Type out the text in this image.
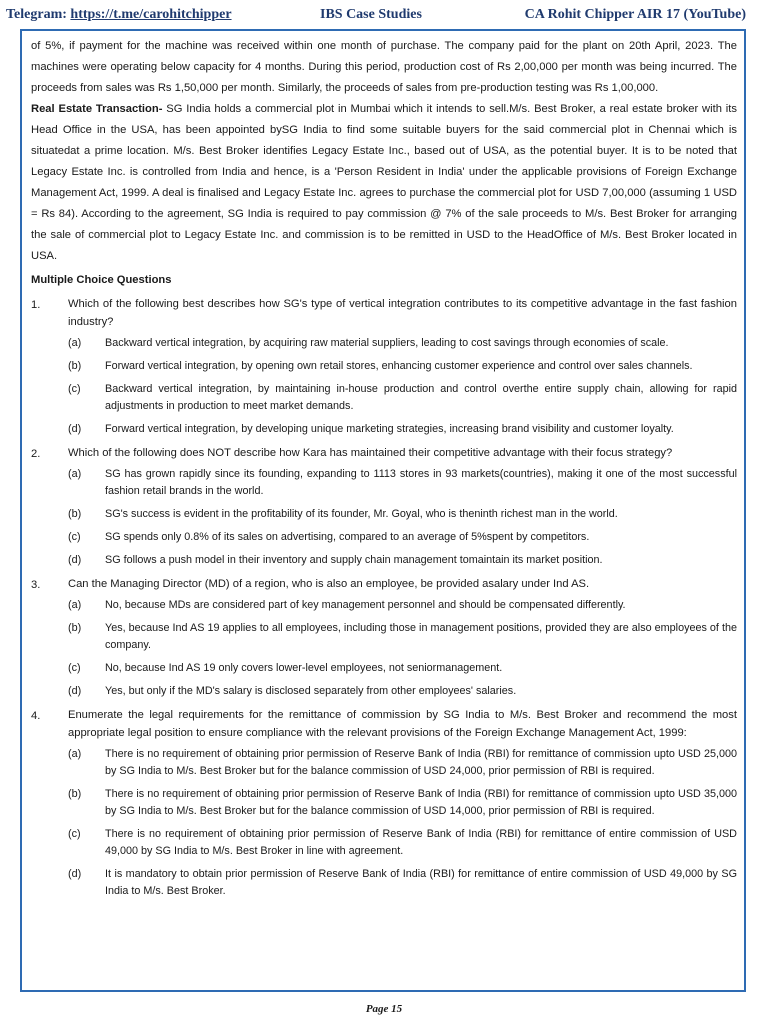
Telegram: https://t.me/carohitchipper	IBS Case Studies	CA Rohit Chipper AIR 17 (YouTube)

of 5%, if payment for the machine was received within one month of purchase. The company paid for the plant on 20th April, 2023. The machines were operating below capacity for 4 months. During this period, production cost of Rs 2,00,000 per month was being incurred. The proceeds from sales was Rs 1,50,000 per month. Similarly, the proceeds of sales from pre-production testing was Rs 1,00,000.

Real Estate Transaction- SG India holds a commercial plot in Mumbai which it intends to sell.M/s. Best Broker, a real estate broker with its Head Office in the USA, has been appointed bySG India to find some suitable buyers for the said commercial plot in Chennai which is situatedat a prime location. M/s. Best Broker identifies Legacy Estate Inc., based out of USA, as the potential buyer. It is to be noted that Legacy Estate Inc. is controlled from India and hence, is a 'Person Resident in India' under the applicable provisions of Foreign Exchange Management Act, 1999. A deal is finalised and Legacy Estate Inc. agrees to purchase the commercial plot for USD 7,00,000 (assuming 1 USD = Rs 84). According to the agreement, SG India is required to pay commission @ 7% of the sale proceeds to M/s. Best Broker for arranging the sale of commercial plot to Legacy Estate Inc. and commission is to be remitted in USD to the HeadOffice of M/s. Best Broker located in USA.

Multiple Choice Questions

1.	Which of the following best describes how SG's type of vertical integration contributes to its competitive advantage in the fast fashion industry?
(a)	Backward vertical integration, by acquiring raw material suppliers, leading to cost savings through economies of scale.
(b)	Forward vertical integration, by opening own retail stores, enhancing customer experience and control over sales channels.
(c)	Backward vertical integration, by maintaining in-house production and control overthe entire supply chain, allowing for rapid adjustments in production to meet market demands.
(d)	Forward vertical integration, by developing unique marketing strategies, increasing brand visibility and customer loyalty.
2.	Which of the following does NOT describe how Kara has maintained their competitive advantage with their focus strategy?
(a)	SG has grown rapidly since its founding, expanding to 1113 stores in 93 markets(countries), making it one of the most successful fashion retail brands in the world.
(b)	SG's success is evident in the profitability of its founder, Mr. Goyal, who is theninth richest man in the world.
(c)	SG spends only 0.8% of its sales on advertising, compared to an average of 5%spent by competitors.
(d)	SG follows a push model in their inventory and supply chain management tomaintain its market position.
3.	Can the Managing Director (MD) of a region, who is also an employee, be provided asalary under Ind AS.
(a)	No, because MDs are considered part of key management personnel and should be compensated differently.
(b)	Yes, because Ind AS 19 applies to all employees, including those in management positions, provided they are also employees of the company.
(c)	No, because Ind AS 19 only covers lower-level employees, not seniormanagement.
(d)	Yes, but only if the MD's salary is disclosed separately from other employees' salaries.
4.	Enumerate the legal requirements for the remittance of commission by SG India to M/s. Best Broker and recommend the most appropriate legal position to ensure compliance with the relevant provisions of the Foreign Exchange Management Act, 1999:
(a)	There is no requirement of obtaining prior permission of Reserve Bank of India (RBI) for remittance of commission upto USD 25,000 by SG India to M/s. Best Broker but for the balance commission of USD 24,000, prior permission of RBI is required.
(b)	There is no requirement of obtaining prior permission of Reserve Bank of India (RBI) for remittance of commission upto USD 35,000 by SG India to M/s. Best Broker but for the balance commission of USD 14,000, prior permission of RBI is required.
(c)	There is no requirement of obtaining prior permission of Reserve Bank of India (RBI) for remittance of entire commission of USD 49,000 by SG India to M/s. Best Broker in line with agreement.
(d)	It is mandatory to obtain prior permission of Reserve Bank of India (RBI) for remittance of entire commission of USD 49,000 by SG India to M/s. Best Broker.
Page 15
